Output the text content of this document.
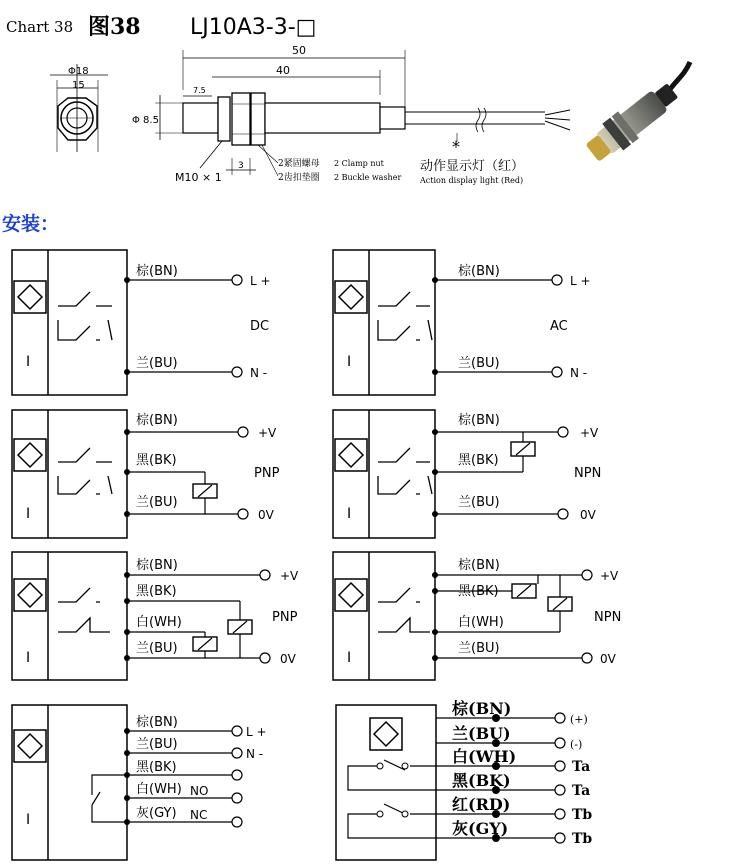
Chart 38 图38 LJ10A3-3-□
Φ18
15
50
40
7.5
Φ 8.5
M10 × 1
3	2紧固螺母 2 Clamp nut
2齿扣垫圈 2 Buckle washer
*
动作显示灯（红）
Action display light (Red)
安装：
I
棕(BN)
兰(BU)
L +
N -
DC
I
棕(BN)
兰(BU)
L +
N -
AC
I
棕(BN)
黑(BK)
兰(BU)
+V
0V
PNP
I
棕(BN)
黑(BK)
兰(BU)
+V
0V
NPN
I
棕(BN)
黑(BK)
白(WH)
兰(BU)
+V
0V
PNP
I
棕(BN)
黑(BK)
白(WH)
兰(BU)
+V
0V
NPN
I
棕(BN)
兰(BU)
黑(BK)
白(WH)
灰(GY)
L +
N -
NO
NC
棕(BN)
兰(BU)
白(WH)
黑(BK)
红(RD)
灰(GY)
(+)
(-)
Ta
Ta
Tb
Tb
